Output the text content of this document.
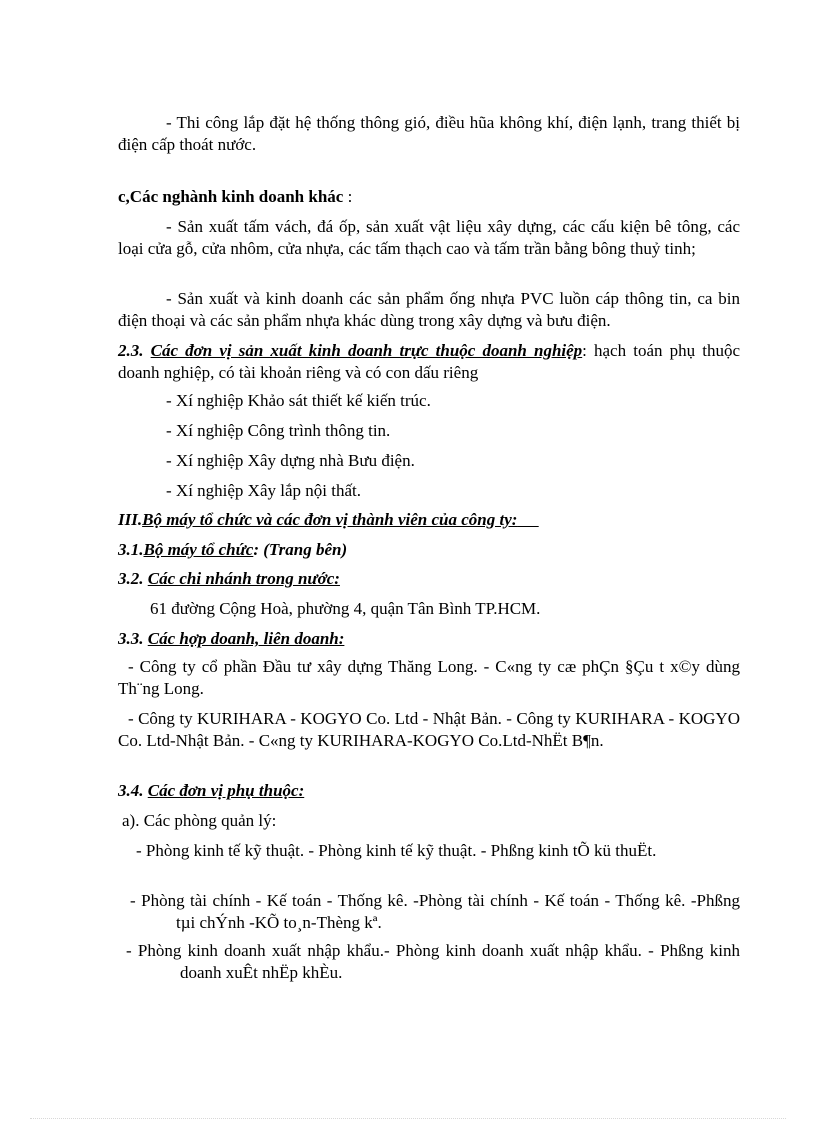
- Thi công lắp đặt hệ thống thông gió, điều hũa không khí, điện lạnh, trang thiết bị điện cấp thoát nước.

c,Các nghành kinh doanh khác :

- Sản xuất tấm vách, đá ốp, sản xuất vật liệu xây dựng, các cấu kiện bê tông, các loại cửa gỗ, cửa nhôm, cửa nhựa, các tấm thạch cao và tấm trần bằng bông thuỷ tinh;

- Sản xuất và kinh doanh các sản phẩm ống nhựa PVC luồn cáp thông tin, ca bin điện thoại và các sản phẩm nhựa khác dùng trong xây dựng và bưu điện.

2.3. Các đơn vị sản xuất kinh doanh trực thuộc doanh nghiệp: hạch toán phụ thuộc doanh nghiệp, có tài khoản riêng và có con dấu riêng

- Xí nghiệp Khảo sát thiết kế kiến trúc.

- Xí nghiệp Công trình thông tin.

- Xí nghiệp Xây dựng nhà Bưu điện.

- Xí nghiệp Xây lắp nội thất.

III.Bộ máy tổ chức và các đơn vị thành viên của công ty:

3.1.Bộ máy tổ chức: (Trang bên)

3.2. Các chi nhánh trong nước:

61 đường Cộng Hoà, phường 4, quận Tân Bình TP.HCM.

3.3. Các hợp doanh, liên doanh:

- Công ty cổ phần Đầu tư xây dựng Thăng Long. - C«ng ty cæ phÇn §Çu t x©y dùng Th¨ng Long.

- Công ty KURIHARA - KOGYO Co. Ltd - Nhật Bản. - Công ty KURIHARA - KOGYO Co. Ltd-Nhật Bản. - C«ng ty KURIHARA-KOGYO Co.Ltd-NhËt B¶n.

3.4. Các đơn vị phụ thuộc:

a). Các phòng quản lý:

- Phòng kinh tế kỹ thuật. - Phòng kinh tế kỹ thuật. - Phßng kinh tÕ kü thuËt.

- Phòng tài chính - Kế toán - Thống kê. -Phòng tài chính - Kế toán - Thống kê. -Phßng tµi chÝnh -KÕ to¸n-Thèng kª.

- Phòng kinh doanh xuất nhập khẩu.- Phòng kinh doanh xuất nhập khẩu. - Phßng kinh doanh xuÊt nhËp khÈu.
